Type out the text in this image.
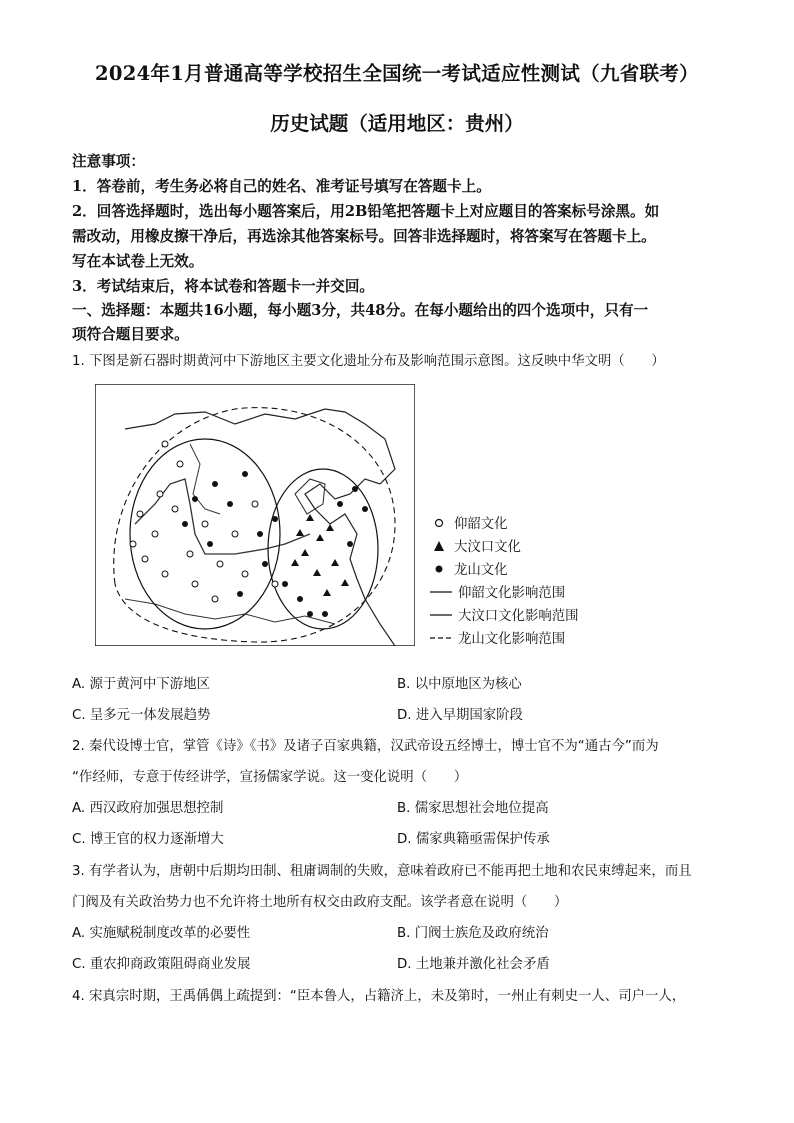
2024年1月普通高等学校招生全国统一考试适应性测试（九省联考）
历史试题（适用地区：贵州）
注意事项：
1．答卷前，考生务必将自己的姓名、准考证号填写在答题卡上。
2．回答选择题时，选出每小题答案后，用2B铅笔把答题卡上对应题目的答案标号涂黑。如
需改动，用橡皮擦干净后，再选涂其他答案标号。回答非选择题时，将答案写在答题卡上。
写在本试卷上无效。
3．考试结束后，将本试卷和答题卡一并交回。
一、选择题：本题共16小题，每小题3分，共48分。在每小题给出的四个选项中，只有一
项符合题目要求。
1. 下图是新石器时期黄河中下游地区主要文化遗址分布及影响范围示意图。这反映中华文明（　　）
仰韶文化
大汶口文化
龙山文化
仰韶文化影响范围
大汶口文化影响范围
龙山文化影响范围
A. 源于黄河中下游地区	B. 以中原地区为核心
C. 呈多元一体发展趋势	D. 进入早期国家阶段
2. 秦代设博士官，掌管《诗》《书》及诸子百家典籍，汉武帝设五经博士，博士官不为“通古今”而为
“作经师，专意于传经讲学，宣扬儒家学说。这一变化说明（　　）
A. 西汉政府加强思想控制	B. 儒家思想社会地位提高
C. 博王官的权力逐渐增大	D. 儒家典籍亟需保护传承
3. 有学者认为，唐朝中后期均田制、租庸调制的失败，意味着政府已不能再把土地和农民束缚起来，而且
门阀及有关政治势力也不允许将土地所有权交由政府支配。该学者意在说明（　　）
A. 实施赋税制度改革的必要性	B. 门阀士族危及政府统治
C. 重农抑商政策阻碍商业发展	D. 土地兼并激化社会矛盾
4. 宋真宗时期，王禹偁偶上疏提到：“臣本鲁人，占籍济上，未及第时，一州止有刺史一人、司户一人，
